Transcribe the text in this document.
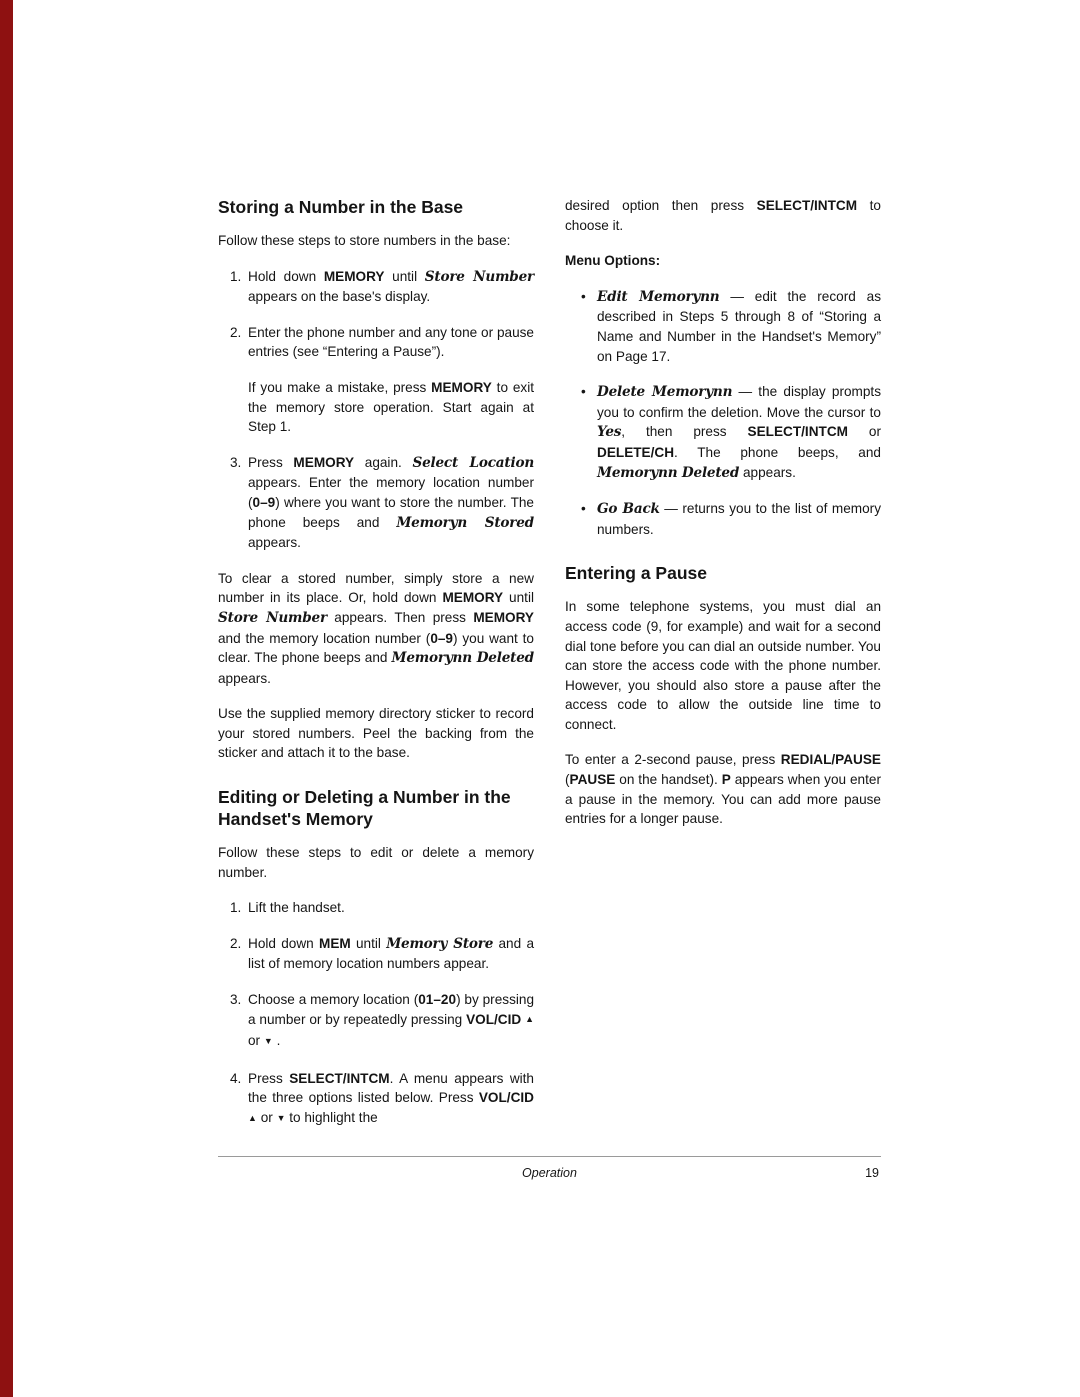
Storing a Number in the Base
Follow these steps to store numbers in the base:
1. Hold down MEMORY until Store Number appears on the base's display.
2. Enter the phone number and any tone or pause entries (see “Entering a Pause”).
If you make a mistake, press MEMORY to exit the memory store operation. Start again at Step 1.
3. Press MEMORY again. Select Location appears. Enter the memory location number (0–9) where you want to store the number. The phone beeps and Memoryn Stored appears.
To clear a stored number, simply store a new number in its place. Or, hold down MEMORY until Store Number appears. Then press MEMORY and the memory location number (0–9) you want to clear. The phone beeps and Memorynn Deleted appears.
Use the supplied memory directory sticker to record your stored numbers. Peel the backing from the sticker and attach it to the base.
Editing or Deleting a Number in the Handset's Memory
Follow these steps to edit or delete a memory number.
1. Lift the handset.
2. Hold down MEM until Memory Store and a list of memory location numbers appear.
3. Choose a memory location (01–20) by pressing a number or by repeatedly pressing VOL/CID ▲ or ▼ .
4. Press SELECT/INTCM. A menu appears with the three options listed below. Press VOL/CID ▲ or ▼ to highlight the
desired option then press SELECT/INTCM to choose it.
Menu Options:
• Edit Memorynn — edit the record as described in Steps 5 through 8 of “Storing a Name and Number in the Handset's Memory” on Page 17.
• Delete Memorynn — the display prompts you to confirm the deletion. Move the cursor to Yes, then press SELECT/INTCM or DELETE/CH. The phone beeps, and Memorynn Deleted appears.
• Go Back — returns you to the list of memory numbers.
Entering a Pause
In some telephone systems, you must dial an access code (9, for example) and wait for a second dial tone before you can dial an outside number. You can store the access code with the phone number. However, you should also store a pause after the access code to allow the outside line time to connect.
To enter a 2-second pause, press REDIAL/PAUSE (PAUSE on the handset). P appears when you enter a pause in the memory. You can add more pause entries for a longer pause.
Operation	19
